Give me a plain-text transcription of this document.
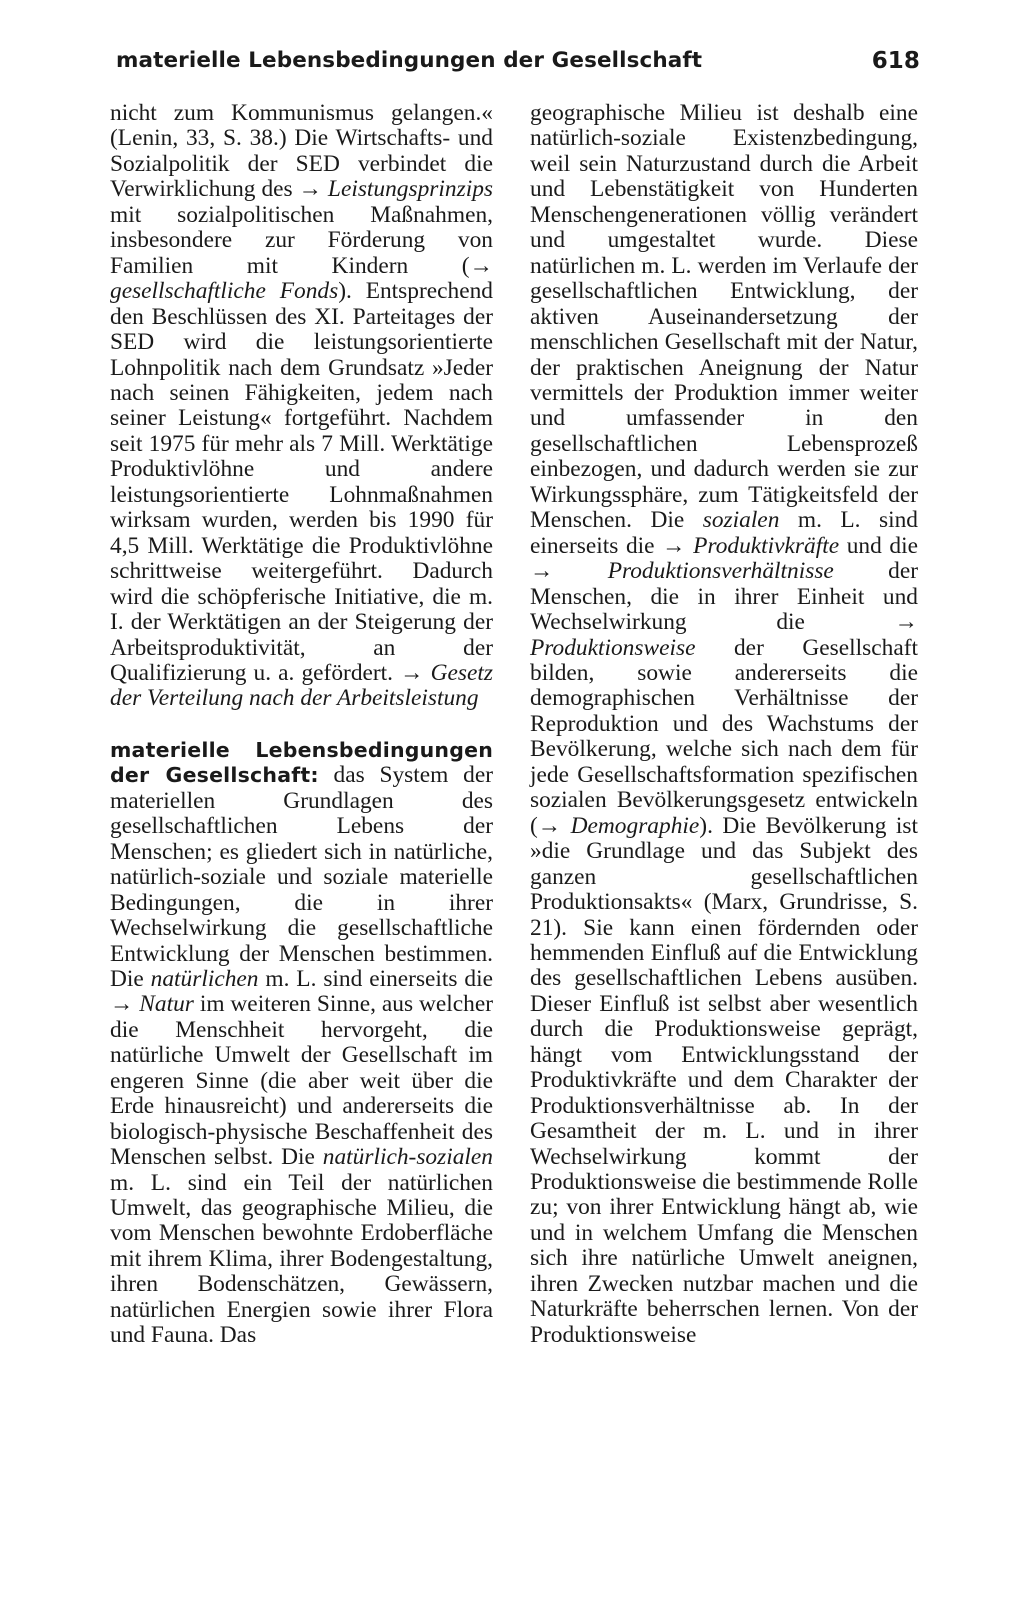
materielle Lebensbedingungen der Gesellschaft	618

nicht zum Kommunismus gelangen.« (Lenin, 33, S. 38.) Die Wirtschafts- und Sozialpolitik der SED verbindet die Verwirklichung des → Leistungsprinzips mit sozialpolitischen Maßnahmen, insbesondere zur Förderung von Familien mit Kindern (→ gesellschaftliche Fonds). Entsprechend den Beschlüssen des XI. Parteitages der SED wird die leistungsorientierte Lohnpolitik nach dem Grundsatz »Jeder nach seinen Fähigkeiten, jedem nach seiner Leistung« fortgeführt. Nachdem seit 1975 für mehr als 7 Mill. Werktätige Produktivlöhne und andere leistungsorientierte Lohnmaßnahmen wirksam wurden, werden bis 1990 für 4,5 Mill. Werktätige die Produktivlöhne schrittweise weitergeführt. Dadurch wird die schöpferische Initiative, die m. I. der Werktätigen an der Steigerung der Arbeitsproduktivität, an der Qualifizierung u. a. gefördert. → Gesetz der Verteilung nach der Arbeitsleistung

materielle Lebensbedingungen der Gesellschaft: das System der materiellen Grundlagen des gesellschaftlichen Lebens der Menschen; es gliedert sich in natürliche, natürlich-soziale und soziale materielle Bedingungen, die in ihrer Wechselwirkung die gesellschaftliche Entwicklung der Menschen bestimmen. Die natürlichen m. L. sind einerseits die → Natur im weiteren Sinne, aus welcher die Menschheit hervorgeht, die natürliche Umwelt der Gesellschaft im engeren Sinne (die aber weit über die Erde hinausreicht) und andererseits die biologisch-physische Beschaffenheit des Menschen selbst. Die natürlich-sozialen m. L. sind ein Teil der natürlichen Umwelt, das geographische Milieu, die vom Menschen bewohnte Erdoberfläche mit ihrem Klima, ihrer Bodengestaltung, ihren Bodenschätzen, Gewässern, natürlichen Energien sowie ihrer Flora und Fauna. Das

geographische Milieu ist deshalb eine natürlich-soziale Existenzbedingung, weil sein Naturzustand durch die Arbeit und Lebenstätigkeit von Hunderten Menschengenerationen völlig verändert und umgestaltet wurde. Diese natürlichen m. L. werden im Verlaufe der gesellschaftlichen Entwicklung, der aktiven Auseinandersetzung der menschlichen Gesellschaft mit der Natur, der praktischen Aneignung der Natur vermittels der Produktion immer weiter und umfassender in den gesellschaftlichen Lebensprozeß einbezogen, und dadurch werden sie zur Wirkungssphäre, zum Tätigkeitsfeld der Menschen. Die sozialen m. L. sind einerseits die → Produktivkräfte und die → Produktionsverhältnisse der Menschen, die in ihrer Einheit und Wechselwirkung die → Produktionsweise der Gesellschaft bilden, sowie andererseits die demographischen Verhältnisse der Reproduktion und des Wachstums der Bevölkerung, welche sich nach dem für jede Gesellschaftsformation spezifischen sozialen Bevölkerungsgesetz entwickeln (→ Demographie). Die Bevölkerung ist »die Grundlage und das Subjekt des ganzen gesellschaftlichen Produktionsakts« (Marx, Grundrisse, S. 21). Sie kann einen fördernden oder hemmenden Einfluß auf die Entwicklung des gesellschaftlichen Lebens ausüben. Dieser Einfluß ist selbst aber wesentlich durch die Produktionsweise geprägt, hängt vom Entwicklungsstand der Produktivkräfte und dem Charakter der Produktionsverhältnisse ab. In der Gesamtheit der m. L. und in ihrer Wechselwirkung kommt der Produktionsweise die bestimmende Rolle zu; von ihrer Entwicklung hängt ab, wie und in welchem Umfang die Menschen sich ihre natürliche Umwelt aneignen, ihren Zwecken nutzbar machen und die Naturkräfte beherrschen lernen. Von der Produktionsweise
